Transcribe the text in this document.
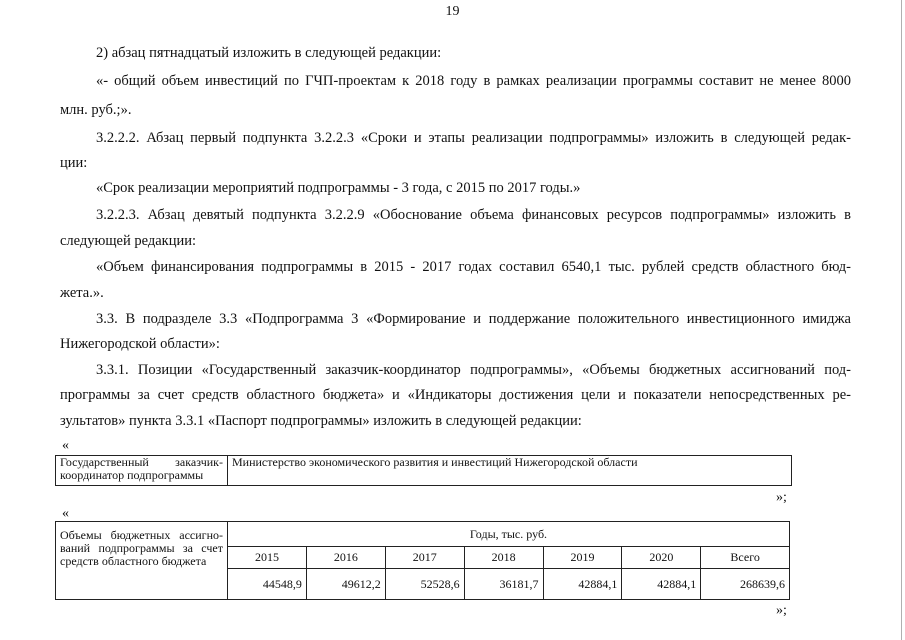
19
2) абзац пятнадцатый изложить в следующей редакции:
«- общий объем инвестиций по ГЧП-проектам к 2018 году в рамках реализации программы составит не менее 8000
млн. руб.;».
3.2.2.2. Абзац первый подпункта 3.2.2.3 «Сроки и этапы реализации подпрограммы» изложить в следующей редак-
ции:
«Срок реализации мероприятий подпрограммы - 3 года, с 2015 по 2017 годы.»
3.2.2.3. Абзац девятый подпункта 3.2.2.9 «Обоснование объема финансовых ресурсов подпрограммы» изложить в
следующей редакции:
«Объем финансирования подпрограммы в 2015 - 2017 годах составил 6540,1 тыс. рублей средств областного бюд-
жета.».
3.3. В подразделе 3.3 «Подпрограмма 3 «Формирование и поддержание положительного инвестиционного имиджа
Нижегородской области»:
3.3.1. Позиции «Государственный заказчик-координатор подпрограммы», «Объемы бюджетных ассигнований под-
программы за счет средств областного бюджета» и «Индикаторы достижения цели и показатели непосредственных ре-
зультатов» пункта 3.3.1 «Паспорт подпрограммы» изложить в следующей редакции:
«
Государственный заказчик-
координатор подпрограммы
	Министерство экономического развития и инвестиций Нижегородской области
»;
«
Объемы бюджетных ассигно-
ваний подпрограммы за счет
средств областного бюджета	Годы, тыс. руб.						
	2015	2016	2017	2018	2019	2020	Всего
	44548,9	49612,2	52528,6	36181,7	42884,1	42884,1	268639,6
»;
